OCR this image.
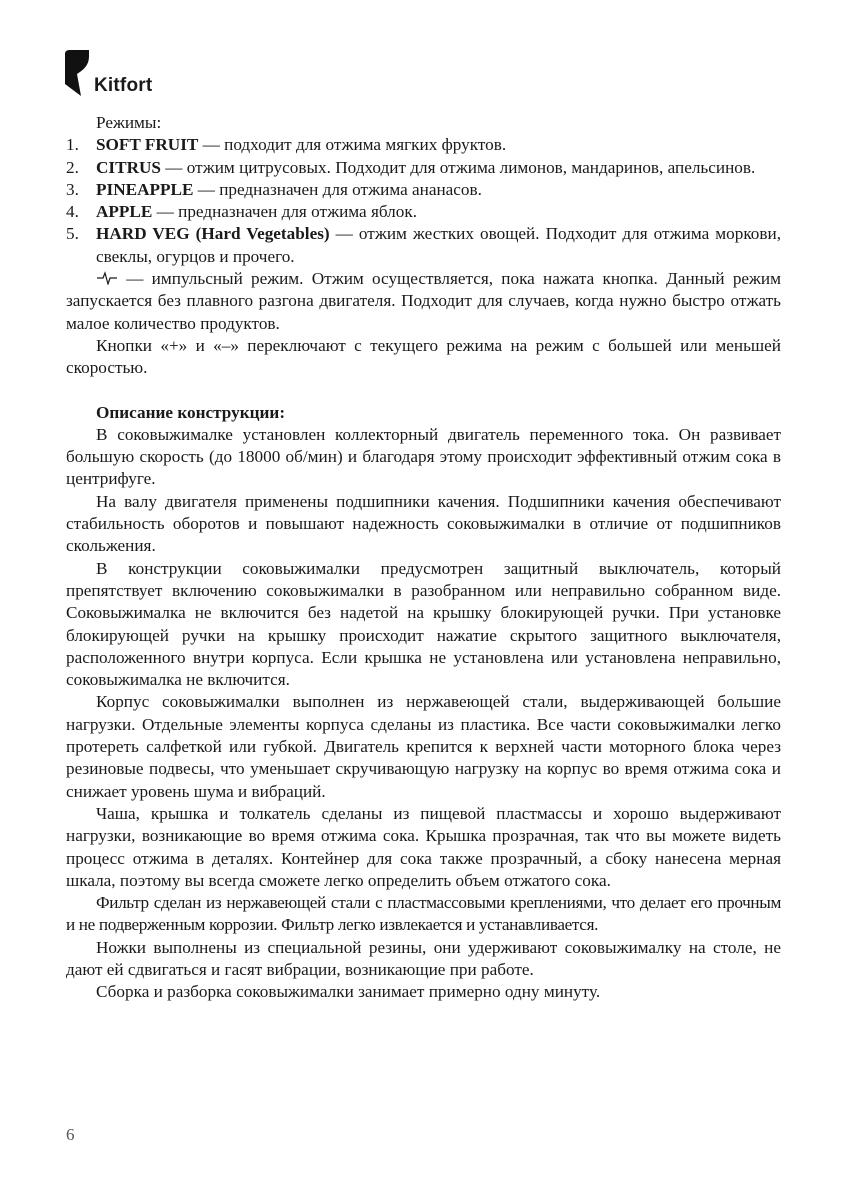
Kitfort

Режимы:

1. SOFT FRUIT — подходит для отжима мягких фруктов.
2. CITRUS — отжим цитрусовых. Подходит для отжима лимонов, мандаринов, апельсинов.
3. PINEAPPLE — предназначен для отжима ананасов.
4. APPLE — предназначен для отжима яблок.
5. HARD VEG (Hard Vegetables) — отжим жестких овощей. Подходит для отжима моркови, свеклы, огурцов и прочего.

— импульсный режим. Отжим осуществляется, пока нажата кнопка. Данный режим запускается без плавного разгона двигателя. Подходит для случаев, когда нужно быстро отжать малое количество продуктов.

Кнопки «+» и «–» переключают с текущего режима на режим с большей или меньшей скоростью.

Описание конструкции:

В соковыжималке установлен коллекторный двигатель переменного тока. Он развивает большую скорость (до 18000 об/мин) и благодаря этому происходит эффективный отжим сока в центрифуге.

На валу двигателя применены подшипники качения. Подшипники качения обеспечивают стабильность оборотов и повышают надежность соковыжималки в отличие от подшипников скольжения.

В конструкции соковыжималки предусмотрен защитный выключатель, который препятствует включению соковыжималки в разобранном или неправильно собранном виде. Соковыжималка не включится без надетой на крышку блокирующей ручки. При установке блокирующей ручки на крышку происходит нажатие скрытого защитного выключателя, расположенного внутри корпуса. Если крышка не установлена или установлена неправильно, соковыжималка не включится.

Корпус соковыжималки выполнен из нержавеющей стали, выдерживающей большие нагрузки. Отдельные элементы корпуса сделаны из пластика. Все части соковыжималки легко протереть салфеткой или губкой. Двигатель крепится к верхней части моторного блока через резиновые подвесы, что уменьшает скручивающую нагрузку на корпус во время отжима сока и снижает уровень шума и вибраций.

Чаша, крышка и толкатель сделаны из пищевой пластмассы и хорошо выдерживают нагрузки, возникающие во время отжима сока. Крышка прозрачная, так что вы можете видеть процесс отжима в деталях. Контейнер для сока также прозрачный, а сбоку нанесена мерная шкала, поэтому вы всегда сможете легко определить объем отжатого сока.

Фильтр сделан из нержавеющей стали с пластмассовыми креплениями, что делает его прочным и не подверженным коррозии. Фильтр легко извлекается и устанавливается.

Ножки выполнены из специальной резины, они удерживают соковыжималку на столе, не дают ей сдвигаться и гасят вибрации, возникающие при работе.

Сборка и разборка соковыжималки занимает примерно одну минуту.

6
